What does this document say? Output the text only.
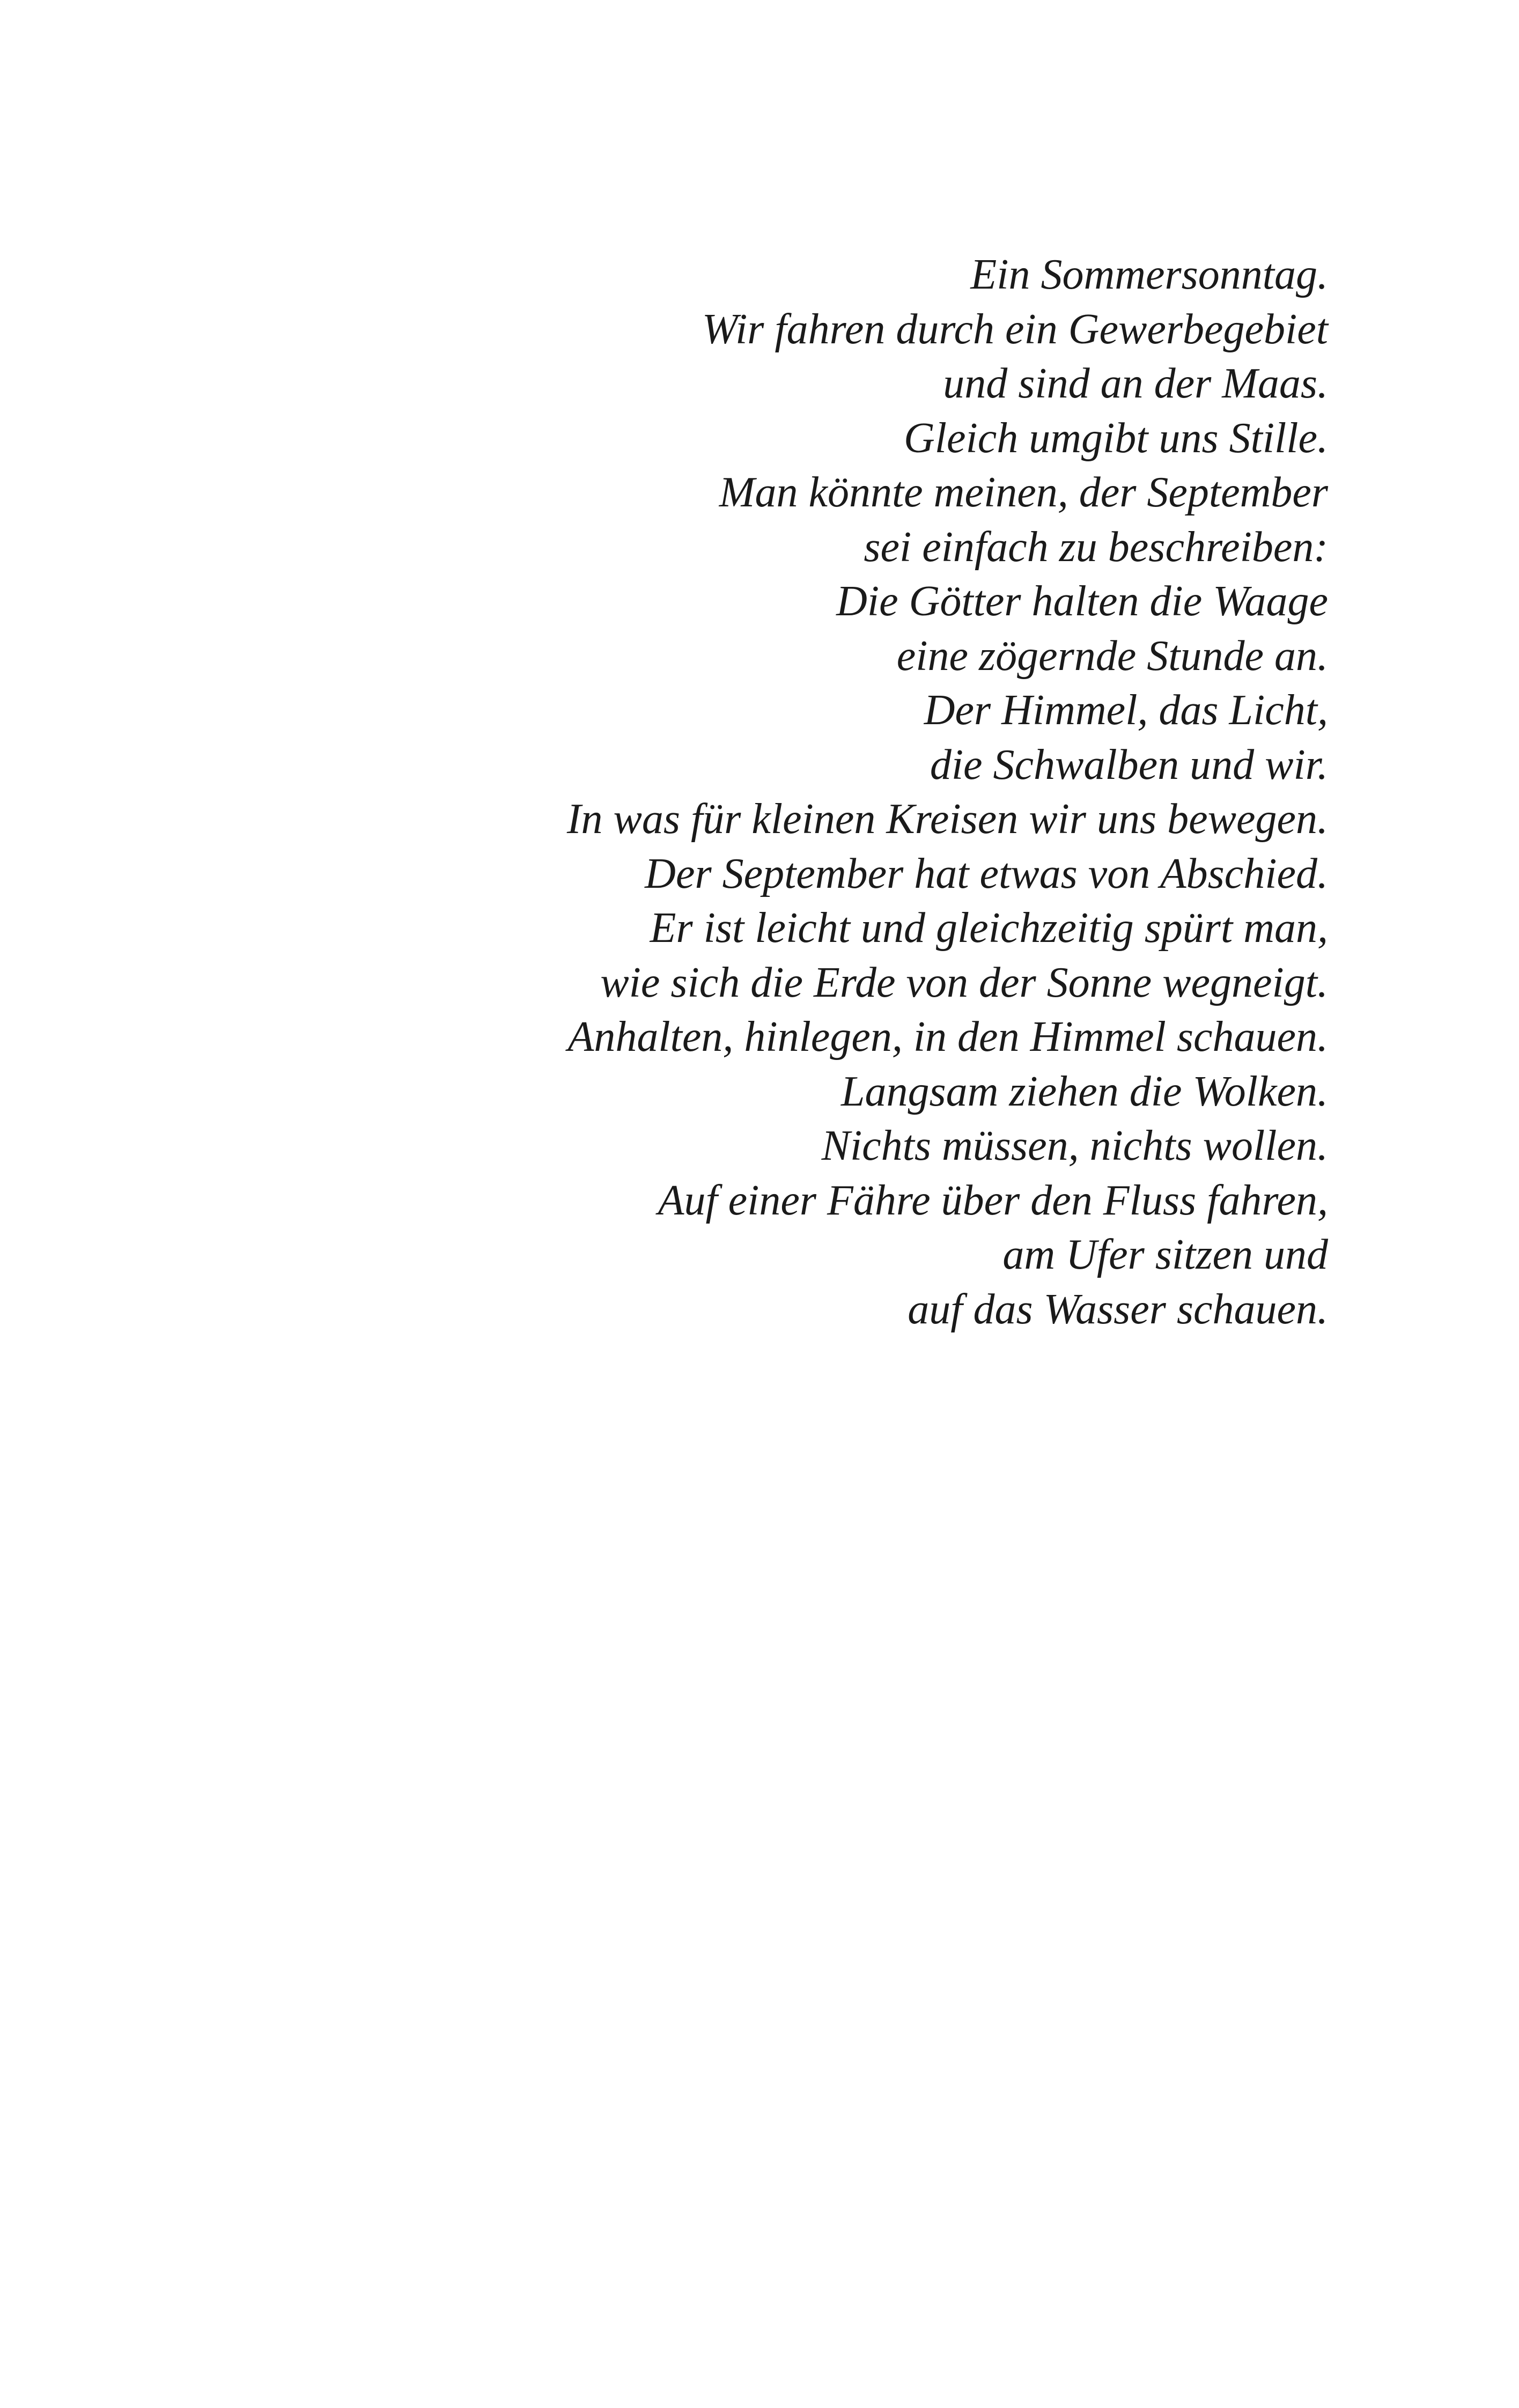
Ein Sommersonntag.
Wir fahren durch ein Gewerbegebiet
und sind an der Maas.
Gleich umgibt uns Stille.
Man könnte meinen, der September
sei einfach zu beschreiben:
Die Götter halten die Waage
eine zögernde Stunde an.
Der Himmel, das Licht,
die Schwalben und wir.
In was für kleinen Kreisen wir uns bewegen.
Der September hat etwas von Abschied.
Er ist leicht und gleichzeitig spürt man,
wie sich die Erde von der Sonne wegneigt.
Anhalten, hinlegen, in den Himmel schauen.
Langsam ziehen die Wolken.
Nichts müssen, nichts wollen.
Auf einer Fähre über den Fluss fahren,
am Ufer sitzen und
auf das Wasser schauen.
